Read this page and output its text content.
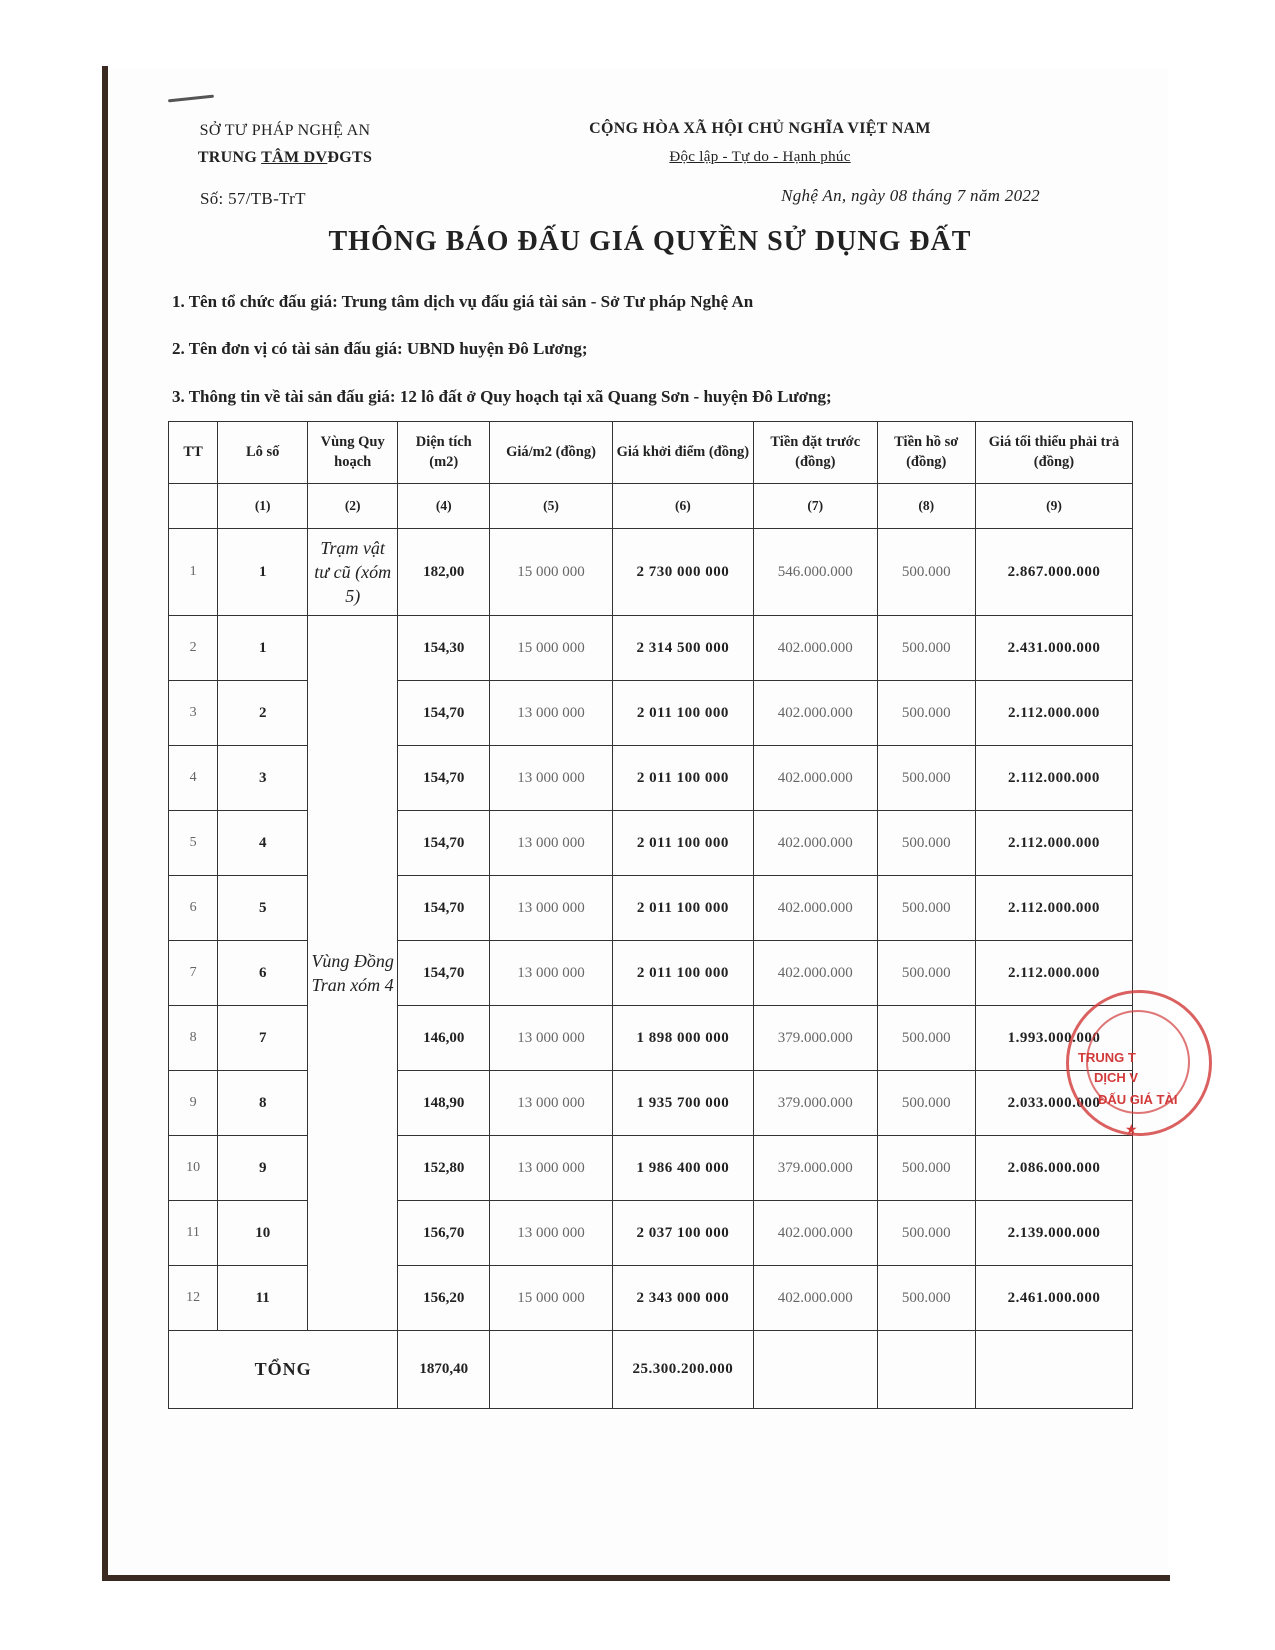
SỞ TƯ PHÁP NGHỆ AN
TRUNG TÂM DVĐGTS
CỘNG HÒA XÃ HỘI CHỦ NGHĨA VIỆT NAM
Độc lập - Tự do - Hạnh phúc
Số: 57/TB-TrT	Nghệ An, ngày 08 tháng 7 năm 2022
THÔNG BÁO ĐẤU GIÁ QUYỀN SỬ DỤNG ĐẤT
1. Tên tổ chức đấu giá: Trung tâm dịch vụ đấu giá tài sản - Sở Tư pháp Nghệ An
2. Tên đơn vị có tài sản đấu giá: UBND huyện Đô Lương;
3. Thông tin về tài sản đấu giá: 12 lô đất ở Quy hoạch tại xã Quang Sơn - huyện Đô Lương;
TT	Lô số	Vùng Quy hoạch	Diện tích (m2)	Giá/m2 (đồng)	Giá khởi điểm (đồng)	Tiền đặt trước (đồng)	Tiền hồ sơ (đồng)	Giá tối thiểu phải trả (đồng)
	(1)	(2)	(4)	(5)	(6)	(7)	(8)	(9)
1	1	Trạm vật tư cũ (xóm 5)	182,00	15 000 000	2 730 000 000	546.000.000	500.000	2.867.000.000
2	1	Vùng Đồng Tran xóm 4	154,30	15 000 000	2 314 500 000	402.000.000	500.000	2.431.000.000
3	2		154,70	13 000 000	2 011 100 000	402.000.000	500.000	2.112.000.000
4	3		154,70	13 000 000	2 011 100 000	402.000.000	500.000	2.112.000.000
5	4		154,70	13 000 000	2 011 100 000	402.000.000	500.000	2.112.000.000
6	5		154,70	13 000 000	2 011 100 000	402.000.000	500.000	2.112.000.000
7	6		154,70	13 000 000	2 011 100 000	402.000.000	500.000	2.112.000.000
8	7		146,00	13 000 000	1 898 000 000	379.000.000	500.000	1.993.000.000
9	8		148,90	13 000 000	1 935 700 000	379.000.000	500.000	2.033.000.000
10	9		152,80	13 000 000	1 986 400 000	379.000.000	500.000	2.086.000.000
11	10		156,70	13 000 000	2 037 100 000	402.000.000	500.000	2.139.000.000
12	11		156,20	15 000 000	2 343 000 000	402.000.000	500.000	2.461.000.000
TỔNG			1870,40		25.300.200.000			
TRUNG T
DỊCH V
ĐẤU GIÁ TÀI
★
